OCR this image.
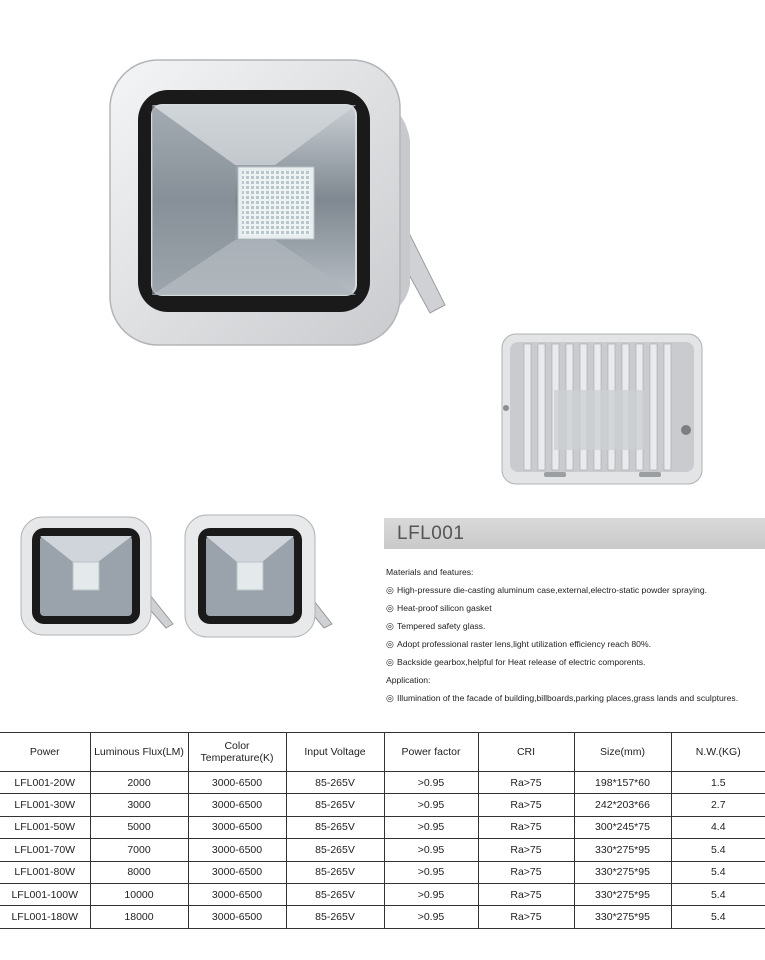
LFL001
Materials and features:
◎ High-pressure die-casting aluminum case,external,electro-static powder spraying.
◎ Heat-proof silicon gasket
◎ Tempered safety glass.
◎ Adopt professional raster lens,light utilization efficiency reach 80%.
◎ Backside gearbox,helpful for Heat release of electric comporents.
Application:
◎ Illumination of the facade of building,billboards,parking places,grass lands and sculptures.
Power	Luminous Flux(LM)	Color Temperature(K)	Input Voltage	Power factor	CRI	Size(mm)	N.W.(KG)
LFL001-20W	2000	3000-6500	85-265V	>0.95	Ra>75	198*157*60	1.5
LFL001-30W	3000	3000-6500	85-265V	>0.95	Ra>75	242*203*66	2.7
LFL001-50W	5000	3000-6500	85-265V	>0.95	Ra>75	300*245*75	4.4
LFL001-70W	7000	3000-6500	85-265V	>0.95	Ra>75	330*275*95	5.4
LFL001-80W	8000	3000-6500	85-265V	>0.95	Ra>75	330*275*95	5.4
LFL001-100W	10000	3000-6500	85-265V	>0.95	Ra>75	330*275*95	5.4
LFL001-180W	18000	3000-6500	85-265V	>0.95	Ra>75	330*275*95	5.4
